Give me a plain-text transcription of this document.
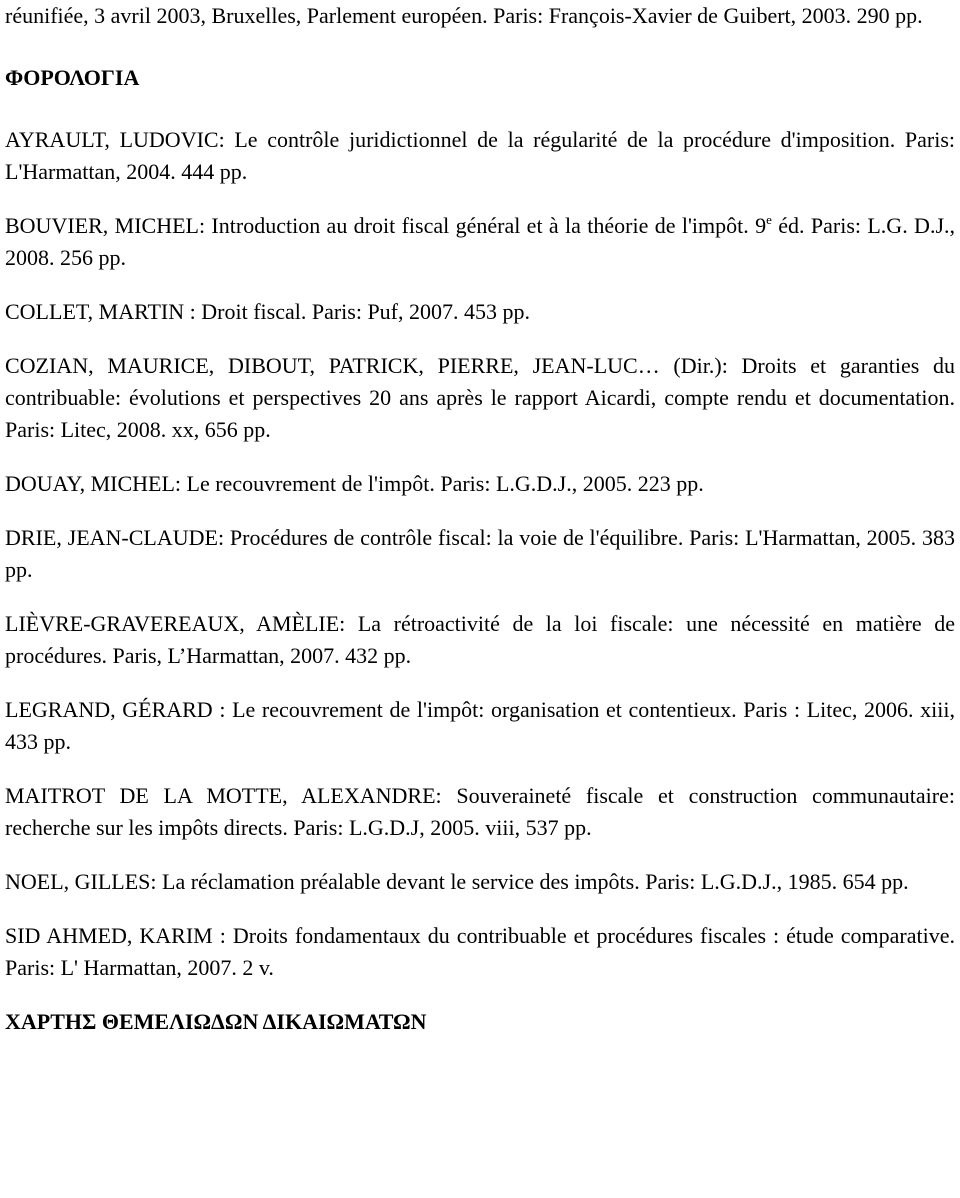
réunifiée, 3 avril 2003, Bruxelles, Parlement européen. Paris: François-Xavier de Guibert, 2003. 290 pp.

ΦΟΡΟΛΟΓΙΑ

AYRAULT, LUDOVIC: Le contrôle juridictionnel de la régularité de la procédure d'imposition. Paris: L'Harmattan, 2004. 444 pp.

BOUVIER, MICHEL: Introduction au droit fiscal général et à la théorie de l'impôt. 9e éd. Paris: L.G. D.J., 2008. 256 pp.

COLLET, MARTIN : Droit fiscal. Paris: Puf, 2007. 453 pp.

COZIAN, MAURICE, DIBOUT, PATRICK, PIERRE, JEAN-LUC… (Dir.): Droits et garanties du contribuable: évolutions et perspectives 20 ans après le rapport Aicardi, compte rendu et documentation. Paris: Litec, 2008. xx, 656 pp.

DOUAY, MICHEL: Le recouvrement de l'impôt. Paris: L.G.D.J., 2005. 223 pp.

DRIE, JEAN-CLAUDE: Procédures de contrôle fiscal: la voie de l'équilibre. Paris: L'Harmattan, 2005. 383 pp.

LIÈVRE-GRAVEREAUX, AMÈLIE: La rétroactivité de la loi fiscale: une nécessité en matière de procédures. Paris, L’Harmattan, 2007. 432 pp.

LEGRAND, GÉRARD : Le recouvrement de l'impôt: organisation et contentieux. Paris : Litec, 2006. xiii, 433 pp.

MAITROT DE LA MOTTE, ALEXANDRE: Souveraineté fiscale et construction communautaire: recherche sur les impôts directs. Paris: L.G.D.J, 2005. viii, 537 pp.

NOEL, GILLES: La réclamation préalable devant le service des impôts. Paris: L.G.D.J., 1985. 654 pp.

SID AHMED, KARIM : Droits fondamentaux du contribuable et procédures fiscales : étude comparative. Paris: L' Harmattan, 2007. 2 v.

ΧΑΡΤΗΣ ΘΕΜΕΛΙΩΔΩΝ ΔΙΚΑΙΩΜΑΤΩΝ
